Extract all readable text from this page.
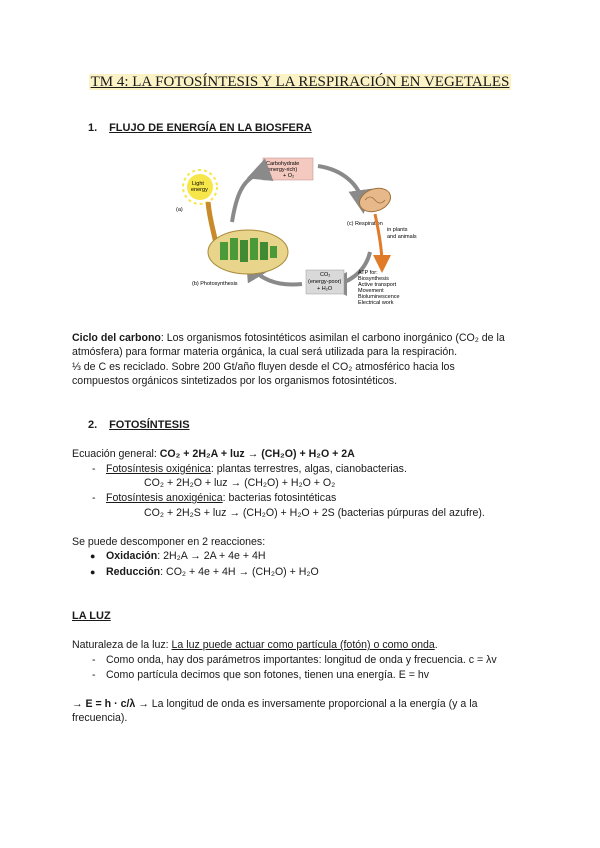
TM 4: LA FOTOSÍNTESIS Y LA RESPIRACIÓN EN VEGETALES
1. FLUJO DE ENERGÍA EN LA BIOSFERA
Light
energy
(a)
Carbohydrate
(energy-rich)
+ O₂
(b) Photosynthesis
(c) Respiration
in plants
and animals
ATP for:
Biosynthesis
Active transport
Movement
Bioluminescence
Electrical work
CO₂
(energy-poor)
+ H₂O
Ciclo del carbono: Los organismos fotosintéticos asimilan el carbono inorgánico (CO₂ de la
atmósfera) para formar materia orgánica, la cual será utilizada para la respiración.
⅓ de C es reciclado. Sobre 200 Gt/año fluyen desde el CO₂ atmosférico hacia los
compuestos orgánicos sintetizados por los organismos fotosintéticos.
2. FOTOSÍNTESIS
Ecuación general: CO₂ + 2H₂A + luz → (CH₂O) + H₂O + 2A
- Fotosíntesis oxigénica: plantas terrestres, algas, cianobacterias.
CO₂ + 2H₂O + luz → (CH₂O) + H₂O + O₂
- Fotosíntesis anoxigénica: bacterias fotosintéticas
CO₂ + 2H₂S + luz → (CH₂O) + H₂O + 2S (bacterias púrpuras del azufre).
Se puede descomponer en 2 reacciones:
● Oxidación: 2H₂A → 2A + 4e + 4H
● Reducción: CO₂ + 4e + 4H → (CH₂O) + H₂O
LA LUZ
Naturaleza de la luz: La luz puede actuar como partícula (fotón) o como onda.
- Como onda, hay dos parámetros importantes: longitud de onda y frecuencia. c = λv
- Como partícula decimos que son fotones, tienen una energía. E = hv
→ E = h · c/λ → La longitud de onda es inversamente proporcional a la energía (y a la
frecuencia).
